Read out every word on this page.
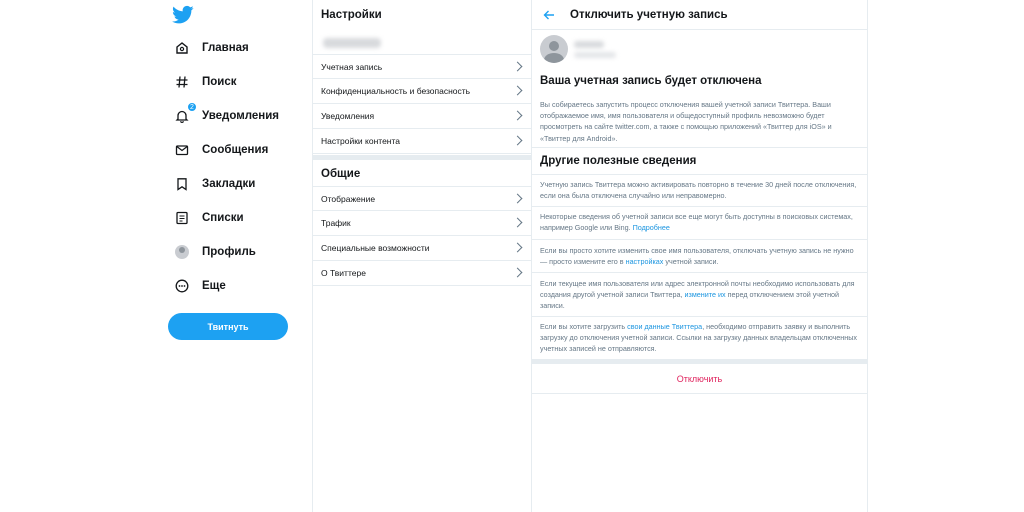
Главная
Поиск
2
Уведомления
Сообщения
Закладки
Списки
Профиль
Еще
Твитнуть
Настройки
Учетная запись
Конфиденциальность и безопасность
Уведомления
Настройки контента
Общие
Отображение
Трафик
Специальные возможности
О Твиттере
Отключить учетную запись
Ваша учетная запись будет отключена
Вы собираетесь запустить процесс отключения вашей учетной записи Твиттера. Ваши отображаемое имя, имя пользователя и общедоступный профиль невозможно будет просмотреть на сайте twitter.com, а также с помощью приложений «Твиттер для iOS» и «Твиттер для Android».
Другие полезные сведения
Учетную запись Твиттера можно активировать повторно в течение 30 дней после отключения, если она была отключена случайно или неправомерно.
Некоторые сведения об учетной записи все еще могут быть доступны в поисковых системах, например Google или Bing. Подробнее
Если вы просто хотите изменить свое имя пользователя, отключать учетную запись не нужно — просто измените его в настройках учетной записи.
Если текущее имя пользователя или адрес электронной почты необходимо использовать для создания другой учетной записи Твиттера, измените их перед отключением этой учетной записи.
Если вы хотите загрузить свои данные Твиттера, необходимо отправить заявку и выполнить загрузку до отключения учетной записи. Ссылки на загрузку данных владельцам отключенных учетных записей не отправляются.
Отключить
